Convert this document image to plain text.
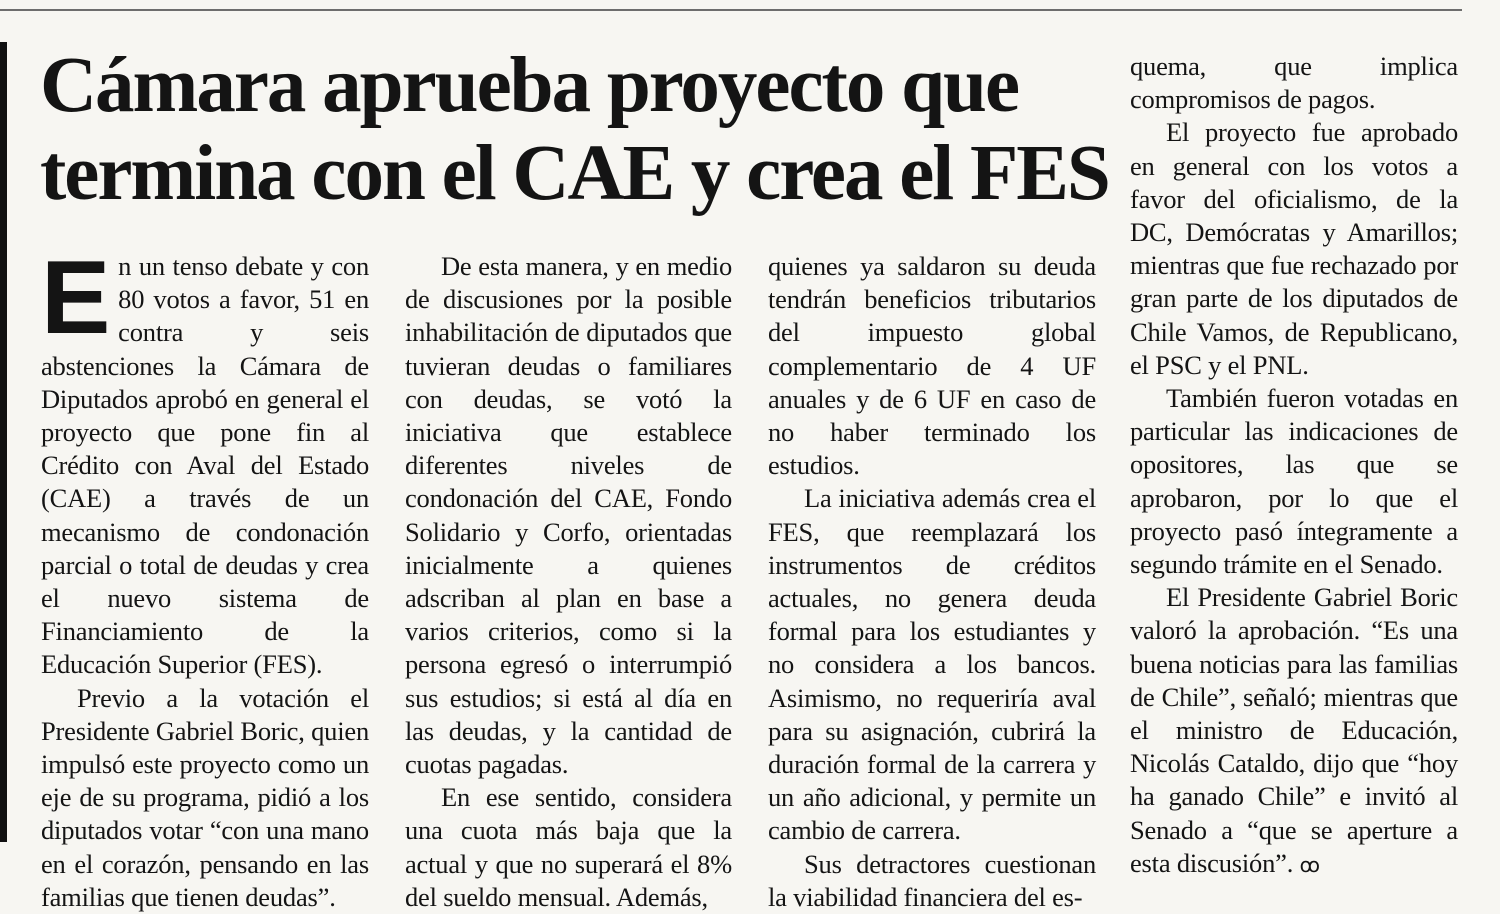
Cámara aprueba proyecto que
termina con el CAE y crea el FES

E n un tenso debate y con 80 votos a favor, 51 en contra y seis abstenciones la Cámara de Diputados aprobó en general el proyecto que pone fin al Crédito con Aval del Estado (CAE) a través de un mecanismo de condonación parcial o total de deudas y crea el nuevo sistema de Financiamiento de la Educación Superior (FES).

Previo a la votación el Presidente Gabriel Boric, quien impulsó este proyecto como un eje de su programa, pidió a los diputados votar “con una mano en el corazón, pensando en las familias que tienen deudas”.

De esta manera, y en medio de discusiones por la posible inhabilitación de diputados que tuvieran deudas o familiares con deudas, se votó la iniciativa que establece diferentes niveles de condonación del CAE, Fondo Solidario y Corfo, orientadas inicialmente a quienes adscriban al plan en base a varios criterios, como si la persona egresó o interrumpió sus estudios; si está al día en las deudas, y la cantidad de cuotas pagadas.

En ese sentido, considera una cuota más baja que la actual y que no superará el 8% del sueldo mensual. Además,

quienes ya saldaron su deuda tendrán beneficios tributarios del impuesto global complementario de 4 UF anuales y de 6 UF en caso de no haber terminado los estudios.

La iniciativa además crea el FES, que reemplazará los instrumentos de créditos actuales, no genera deuda formal para los estudiantes y no considera a los bancos. Asimismo, no requeriría aval para su asignación, cubrirá la duración formal de la carrera y un año adicional, y permite un cambio de carrera.

Sus detractores cuestionan la viabilidad financiera del es-

quema, que implica compromisos de pagos.

El proyecto fue aprobado en general con los votos a favor del oficialismo, de la DC, Demócratas y Amarillos; mientras que fue rechazado por gran parte de los diputados de Chile Vamos, de Republicano, el PSC y el PNL.

También fueron votadas en particular las indicaciones de opositores, las que se aprobaron, por lo que el proyecto pasó íntegramente a segundo trámite en el Senado.

El Presidente Gabriel Boric valoró la aprobación. “Es una buena noticias para las familias de Chile”, señaló; mientras que el ministro de Educación, Nicolás Cataldo, dijo que “hoy ha ganado Chile” e invitó al Senado a “que se aperture a esta discusión”. ꝏ
